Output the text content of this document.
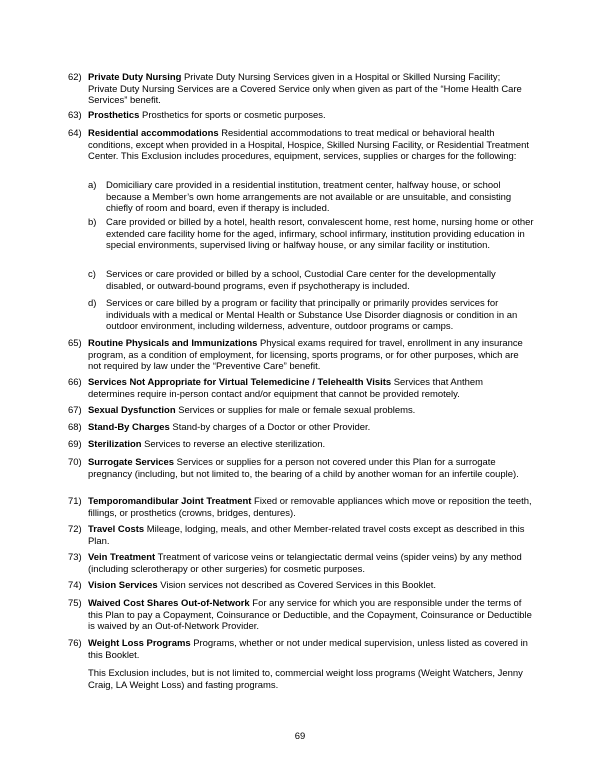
62) Private Duty Nursing Private Duty Nursing Services given in a Hospital or Skilled Nursing Facility; Private Duty Nursing Services are a Covered Service only when given as part of the “Home Health Care Services” benefit.
63) Prosthetics Prosthetics for sports or cosmetic purposes.
64) Residential accommodations Residential accommodations to treat medical or behavioral health conditions, except when provided in a Hospital, Hospice, Skilled Nursing Facility, or Residential Treatment Center. This Exclusion includes procedures, equipment, services, supplies or charges for the following:
a)	Domiciliary care provided in a residential institution, treatment center, halfway house, or school because a Member’s own home arrangements are not available or are unsuitable, and consisting chiefly of room and board, even if therapy is included.
b)	Care provided or billed by a hotel, health resort, convalescent home, rest home, nursing home or other extended care facility home for the aged, infirmary, school infirmary, institution providing education in special environments, supervised living or halfway house, or any similar facility or institution.
c)	Services or care provided or billed by a school, Custodial Care center for the developmentally disabled, or outward-bound programs, even if psychotherapy is included.
d)	Services or care billed by a program or facility that principally or primarily provides services for individuals with a medical or Mental Health or Substance Use Disorder diagnosis or condition in an outdoor environment, including wilderness, adventure, outdoor programs or camps.
65) Routine Physicals and Immunizations Physical exams required for travel, enrollment in any insurance program, as a condition of employment, for licensing, sports programs, or for other purposes, which are not required by law under the “Preventive Care” benefit.
66) Services Not Appropriate for Virtual Telemedicine / Telehealth Visits Services that Anthem determines require in-person contact and/or equipment that cannot be provided remotely.
67) Sexual Dysfunction Services or supplies for male or female sexual problems.
68) Stand-By Charges Stand-by charges of a Doctor or other Provider.
69) Sterilization Services to reverse an elective sterilization.
70) Surrogate Services Services or supplies for a person not covered under this Plan for a surrogate pregnancy (including, but not limited to, the bearing of a child by another woman for an infertile couple).
71) Temporomandibular Joint Treatment Fixed or removable appliances which move or reposition the teeth, fillings, or prosthetics (crowns, bridges, dentures).
72) Travel Costs Mileage, lodging, meals, and other Member-related travel costs except as described in this Plan.
73) Vein Treatment Treatment of varicose veins or telangiectatic dermal veins (spider veins) by any method (including sclerotherapy or other surgeries) for cosmetic purposes.
74) Vision Services Vision services not described as Covered Services in this Booklet.
75) Waived Cost Shares Out-of-Network For any service for which you are responsible under the terms of this Plan to pay a Copayment, Coinsurance or Deductible, and the Copayment, Coinsurance or Deductible is waived by an Out-of-Network Provider.
76) Weight Loss Programs Programs, whether or not under medical supervision, unless listed as covered in this Booklet.
This Exclusion includes, but is not limited to, commercial weight loss programs (Weight Watchers, Jenny Craig, LA Weight Loss) and fasting programs.
69
